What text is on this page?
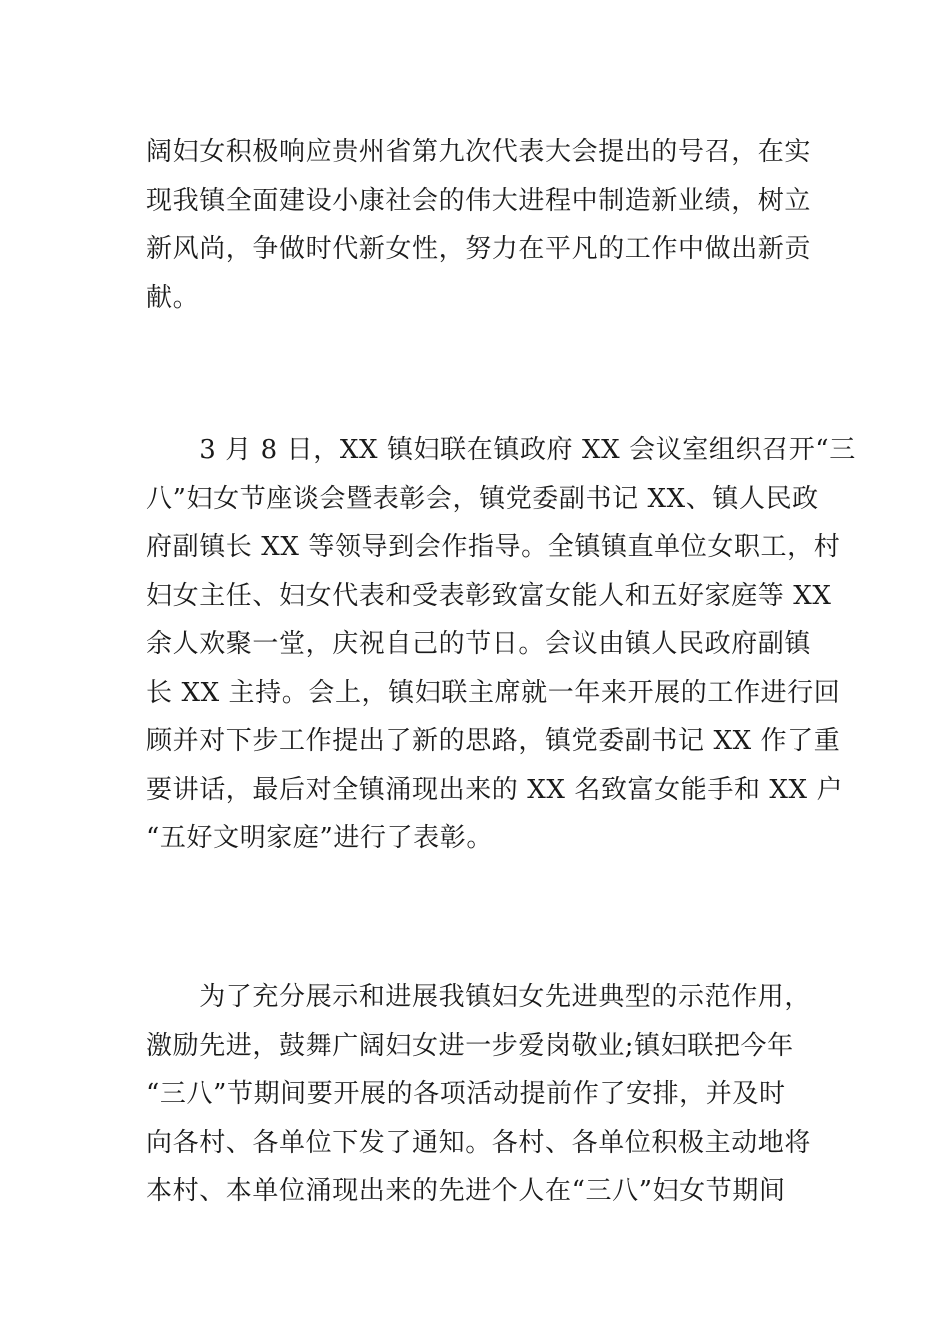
阔妇女积极响应贵州省第九次代表大会提出的号召，在实
现我镇全面建设小康社会的伟大进程中制造新业绩，树立
新风尚，争做时代新女性，努力在平凡的工作中做出新贡
献。

　　3 月 8 日，XX 镇妇联在镇政府 XX 会议室组织召开“三
八”妇女节座谈会暨表彰会，镇党委副书记 XX、镇人民政
府副镇长 XX 等领导到会作指导。全镇镇直单位女职工，村
妇女主任、妇女代表和受表彰致富女能人和五好家庭等 XX
余人欢聚一堂，庆祝自己的节日。会议由镇人民政府副镇
长 XX 主持。会上，镇妇联主席就一年来开展的工作进行回
顾并对下步工作提出了新的思路，镇党委副书记 XX 作了重
要讲话，最后对全镇涌现出来的 XX 名致富女能手和 XX 户
“五好文明家庭”进行了表彰。

　　为了充分展示和进展我镇妇女先进典型的示范作用，
激励先进，鼓舞广阔妇女进一步爱岗敬业;镇妇联把今年
“三八”节期间要开展的各项活动提前作了安排，并及时
向各村、各单位下发了通知。各村、各单位积极主动地将
本村、本单位涌现出来的先进个人在“三八”妇女节期间
